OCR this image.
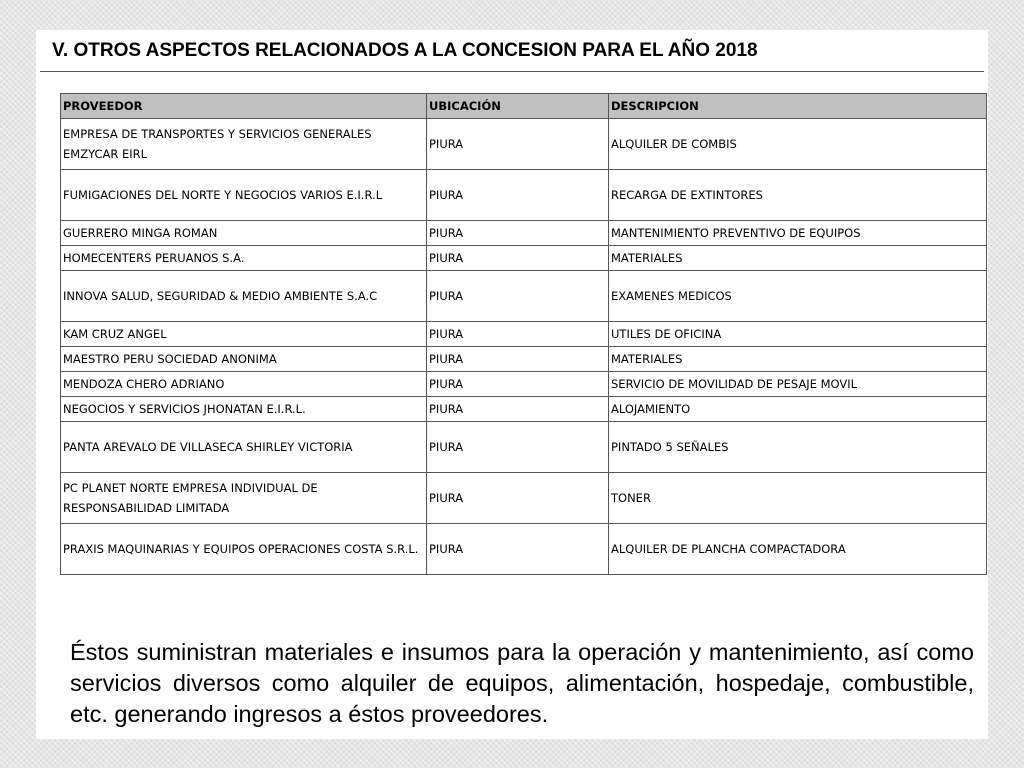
V. OTROS ASPECTOS RELACIONADOS A LA CONCESION PARA EL AÑO 2018
PROVEEDOR	UBICACIÓN	DESCRIPCION
EMPRESA DE TRANSPORTES Y SERVICIOS GENERALES EMZYCAR EIRL	PIURA	ALQUILER DE COMBIS
FUMIGACIONES DEL NORTE Y NEGOCIOS VARIOS E.I.R.L	PIURA	RECARGA DE EXTINTORES
GUERRERO MINGA ROMAN	PIURA	MANTENIMIENTO PREVENTIVO DE EQUIPOS
HOMECENTERS PERUANOS S.A.	PIURA	MATERIALES
INNOVA SALUD, SEGURIDAD & MEDIO AMBIENTE S.A.C	PIURA	EXAMENES MEDICOS
KAM CRUZ ANGEL	PIURA	UTILES DE OFICINA
MAESTRO PERU SOCIEDAD ANONIMA	PIURA	MATERIALES
MENDOZA CHERO ADRIANO	PIURA	SERVICIO DE MOVILIDAD DE PESAJE MOVIL
NEGOCIOS Y SERVICIOS JHONATAN E.I.R.L.	PIURA	ALOJAMIENTO
PANTA AREVALO DE VILLASECA SHIRLEY VICTORIA	PIURA	PINTADO 5 SEÑALES
PC PLANET NORTE EMPRESA INDIVIDUAL DE RESPONSABILIDAD LIMITADA	PIURA	TONER
PRAXIS MAQUINARIAS Y EQUIPOS OPERACIONES COSTA S.R.L.	PIURA	ALQUILER DE PLANCHA COMPACTADORA

Éstos suministran materiales e insumos para la operación y mantenimiento, así como servicios diversos como alquiler de equipos, alimentación, hospedaje, combustible, etc. generando ingresos a éstos proveedores.
